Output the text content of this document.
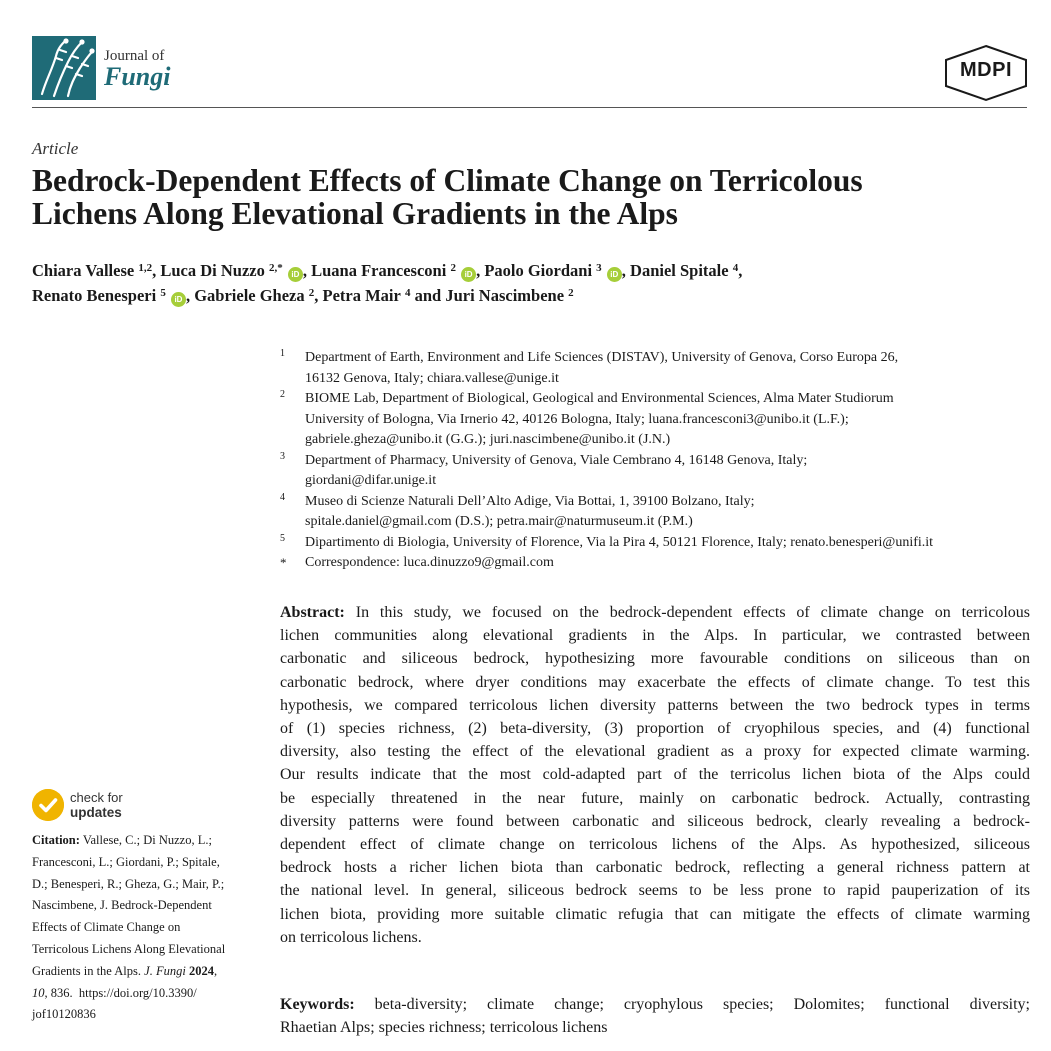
Journal of
Fungi	MDPI
Article
Bedrock-Dependent Effects of Climate Change on Terricolous
Lichens Along Elevational Gradients in the Alps
Chiara Vallese $^{1,2}$, Luca Di Nuzzo $^{2,*}$ iD , Luana Francesconi $^2$ iD , Paolo Giordani $^3$ iD , Daniel Spitale $^4$,
Renato Benesperi $^5$ iD , Gabriele Gheza $^2$, Petra Mair $^4$ and Juri Nascimbene $^2$
1 Department of Earth, Environment and Life Sciences (DISTAV), University of Genova, Corso Europa 26,
16132 Genova, Italy; chiara.vallese@unige.it
2 BIOME Lab, Department of Biological, Geological and Environmental Sciences, Alma Mater Studiorum
University of Bologna, Via Irnerio 42, 40126 Bologna, Italy; luana.francesconi3@unibo.it (L.F.);
gabriele.gheza@unibo.it (G.G.); juri.nascimbene@unibo.it (J.N.)
3 Department of Pharmacy, University of Genova, Viale Cembrano 4, 16148 Genova, Italy;
giordani@difar.unige.it
4 Museo di Scienze Naturali Dell’Alto Adige, Via Bottai, 1, 39100 Bolzano, Italy;
spitale.daniel@gmail.com (D.S.); petra.mair@naturmuseum.it (P.M.)
5 Dipartimento di Biologia, University of Florence, Via la Pira 4, 50121 Florence, Italy; renato.benesperi@unifi.it
* Correspondence: luca.dinuzzo9@gmail.com
Abstract: In this study, we focused on the bedrock-dependent effects of climate change on terricolous
lichen communities along elevational gradients in the Alps. In particular, we contrasted between
carbonatic and siliceous bedrock, hypothesizing more favourable conditions on siliceous than on
carbonatic bedrock, where dryer conditions may exacerbate the effects of climate change. To test this
hypothesis, we compared terricolous lichen diversity patterns between the two bedrock types in terms
of (1) species richness, (2) beta-diversity, (3) proportion of cryophilous species, and (4) functional
diversity, also testing the effect of the elevational gradient as a proxy for expected climate warming.
Our results indicate that the most cold-adapted part of the terricolus lichen biota of the Alps could
be especially threatened in the near future, mainly on carbonatic bedrock. Actually, contrasting
diversity patterns were found between carbonatic and siliceous bedrock, clearly revealing a bedrock-
dependent effect of climate change on terricolous lichens of the Alps. As hypothesized, siliceous
bedrock hosts a richer lichen biota than carbonatic bedrock, reflecting a general richness pattern at
the national level. In general, siliceous bedrock seems to be less prone to rapid pauperization of its
lichen biota, providing more suitable climatic refugia that can mitigate the effects of climate warming
on terricolous lichens.
Keywords: beta-diversity; climate change; cryophylous species; Dolomites; functional diversity;
Rhaetian Alps; species richness; terricolous lichens
check for
updates
Citation: Vallese, C.; Di Nuzzo, L.;
Francesconi, L.; Giordani, P.; Spitale,
D.; Benesperi, R.; Gheza, G.; Mair, P.;
Nascimbene, J. Bedrock-Dependent
Effects of Climate Change on
Terricolous Lichens Along Elevational
Gradients in the Alps. J. Fungi 2024,
10, 836. https://doi.org/10.3390/
jof10120836
